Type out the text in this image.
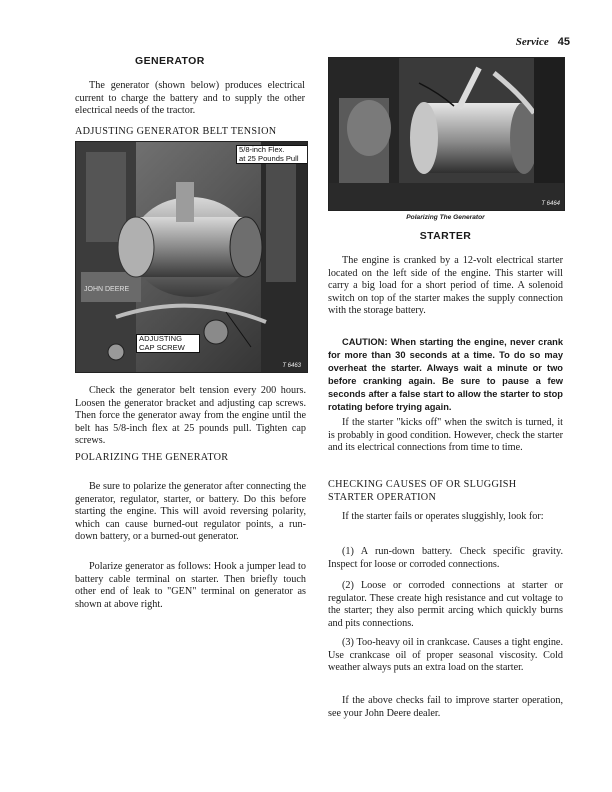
Service 45
GENERATOR

The generator (shown below) produces electrical current to charge the battery and to supply the other electrical needs of the tractor.

ADJUSTING GENERATOR BELT TENSION
JOHN DEERE
5/8-inch Flex.
at 25 Pounds Pull
ADJUSTING
CAP SCREW
T 6463

Check the generator belt tension every 200 hours. Loosen the generator bracket and adjusting cap screws. Then force the generator away from the engine until the belt has 5/8-inch flex at 25 pounds pull. Tighten cap screws.

POLARIZING THE GENERATOR

Be sure to polarize the generator after connecting the generator, regulator, starter, or battery. Do this before starting the engine. This will avoid reversing polarity, which can cause burned-out regulator points, a run-down battery, or a burned-out generator.

Polarize generator as follows: Hook a jumper lead to battery cable terminal on starter. Then briefly touch other end of leak to "GEN" terminal on generator as shown at above right.

T 6464
Polarizing The Generator
STARTER

The engine is cranked by a 12-volt electrical starter located on the left side of the engine. This starter will carry a big load for a short period of time. A solenoid switch on top of the starter makes the supply connection with the storage battery.

CAUTION: When starting the engine, never crank for more than 30 seconds at a time. To do so may overheat the starter. Always wait a minute or two before cranking again. Be sure to pause a few seconds after a false start to allow the starter to stop rotating before trying again.

If the starter "kicks off" when the switch is turned, it is probably in good condition. However, check the starter and its electrical connections from time to time.

CHECKING CAUSES OF OR SLUGGISH
STARTER OPERATION

If the starter fails or operates sluggishly, look for:

(1) A run-down battery. Check specific gravity. Inspect for loose or corroded connections.

(2) Loose or corroded connections at starter or regulator. These create high resistance and cut voltage to the starter; they also permit arcing which quickly burns and pits connections.

(3) Too-heavy oil in crankcase. Causes a tight engine. Use crankcase oil of proper seasonal viscosity. Cold weather always puts an extra load on the starter.

If the above checks fail to improve starter operation, see your John Deere dealer.
